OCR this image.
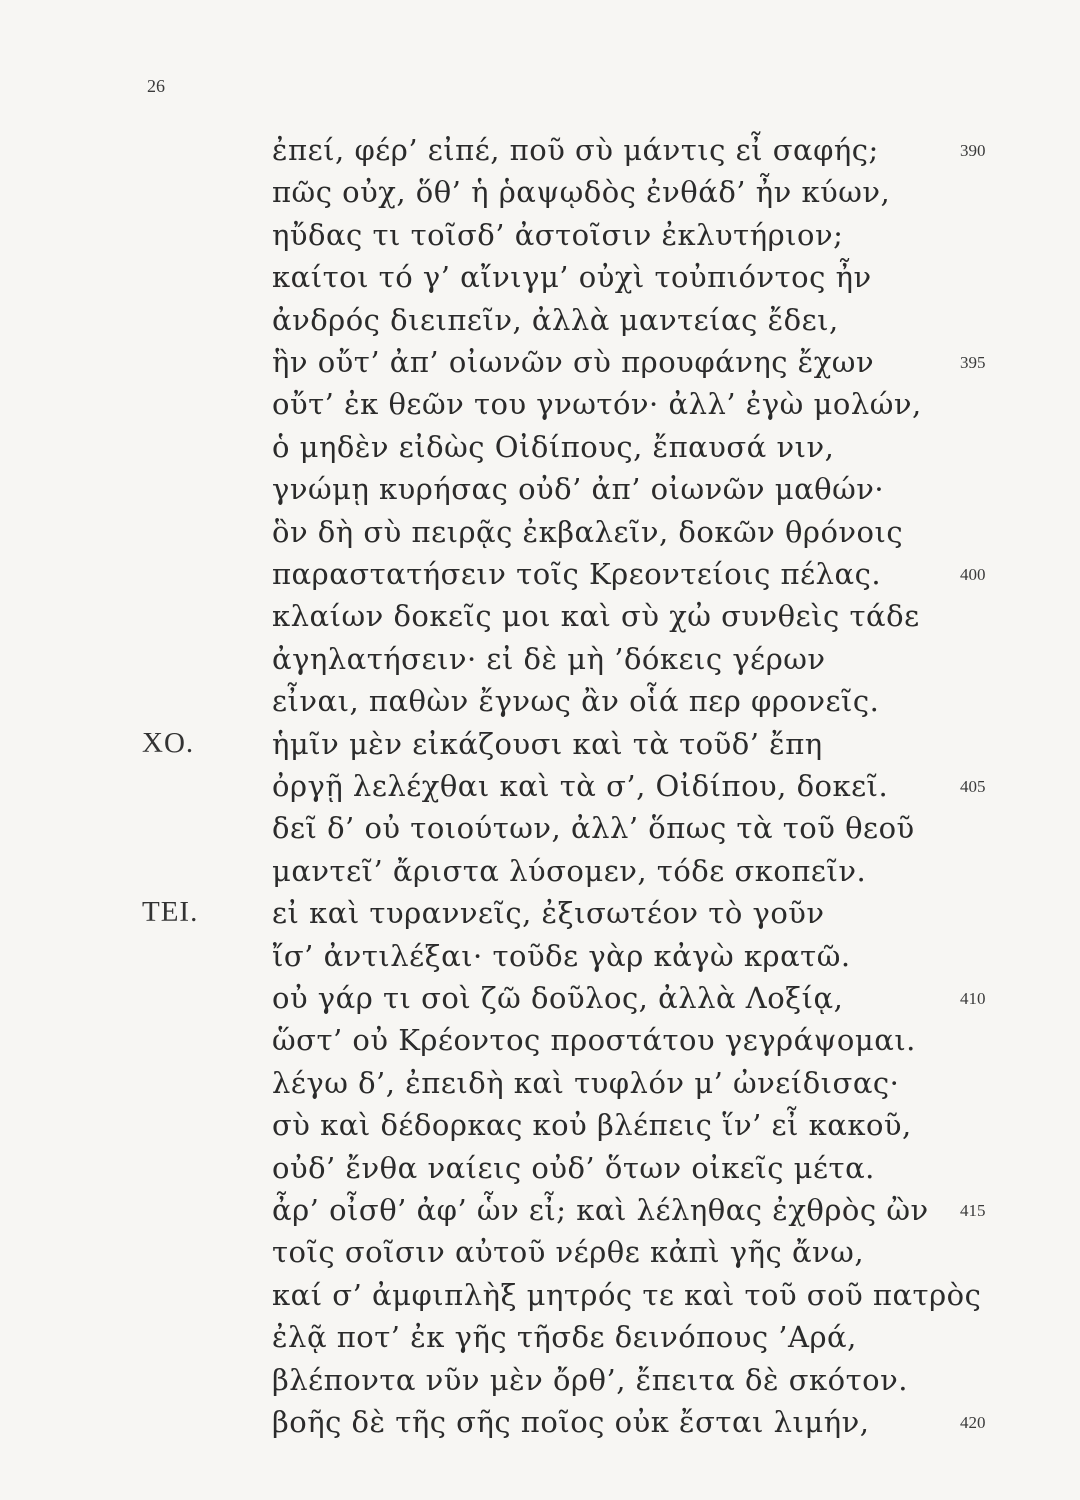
26
ἐπεί, φέρ’ εἰπέ, ποῦ σὺ μάντις εἶ σαφής;	390
πῶς οὐχ, ὅθ’ ἡ ῥαψῳδὸς ἐνθάδ’ ἦν κύων,
ηὔδας τι τοῖσδ’ ἀστοῖσιν ἐκλυτήριον;
καίτοι τό γ’ αἴνιγμ’ οὐχὶ τοὐπιόντος ἦν
ἀνδρός διειπεῖν, ἀλλὰ μαντείας ἔδει,
ἣν οὔτ’ ἀπ’ οἰωνῶν σὺ προυφάνης ἔχων	395
οὔτ’ ἐκ θεῶν του γνωτόν· ἀλλ’ ἐγὼ μολών,
ὁ μηδὲν εἰδὼς Οἰδίπους, ἔπαυσά νιν,
γνώμῃ κυρήσας οὐδ’ ἀπ’ οἰωνῶν μαθών·
ὃν δὴ σὺ πειρᾷς ἐκβαλεῖν, δοκῶν θρόνοις
παραστατήσειν τοῖς Κρεοντείοις πέλας.	400
κλαίων δοκεῖς μοι καὶ σὺ χὠ συνθεὶς τάδε
ἀγηλατήσειν· εἰ δὲ μὴ ’δόκεις γέρων
εἶναι, παθὼν ἔγνως ἂν οἷά περ φρονεῖς.
ΧΟ.	ἡμῖν μὲν εἰκάζουσι καὶ τὰ τοῦδ’ ἔπη
ὀργῇ λελέχθαι καὶ τὰ σ’, Οἰδίπου, δοκεῖ.	405
δεῖ δ’ οὐ τοιούτων, ἀλλ’ ὅπως τὰ τοῦ θεοῦ
μαντεῖ’ ἄριστα λύσομεν, τόδε σκοπεῖν.
ΤΕΙ.	εἰ καὶ τυραννεῖς, ἐξισωτέον τὸ γοῦν
ἴσ’ ἀντιλέξαι· τοῦδε γὰρ κἀγὼ κρατῶ.
οὐ γάρ τι σοὶ ζῶ δοῦλος, ἀλλὰ Λοξίᾳ,	410
ὥστ’ οὐ Κρέοντος προστάτου γεγράψομαι.
λέγω δ’, ἐπειδὴ καὶ τυφλόν μ’ ὠνείδισας·
σὺ καὶ δέδορκας κοὐ βλέπεις ἵν’ εἶ κακοῦ,
οὐδ’ ἔνθα ναίεις οὐδ’ ὅτων οἰκεῖς μέτα.
ἆρ’ οἶσθ’ ἀφ’ ὧν εἶ; καὶ λέληθας ἐχθρὸς ὢν 415
τοῖς σοῖσιν αὐτοῦ νέρθε κἀπὶ γῆς ἄνω,
καί σ’ ἀμφιπλὴξ μητρός τε καὶ τοῦ σοῦ πατρὸς
ἐλᾷ ποτ’ ἐκ γῆς τῆσδε δεινόπους ’Αρά,
βλέποντα νῦν μὲν ὄρθ’, ἔπειτα δὲ σκότον.
βοῆς δὲ τῆς σῆς ποῖος οὐκ ἔσται λιμήν,	420
